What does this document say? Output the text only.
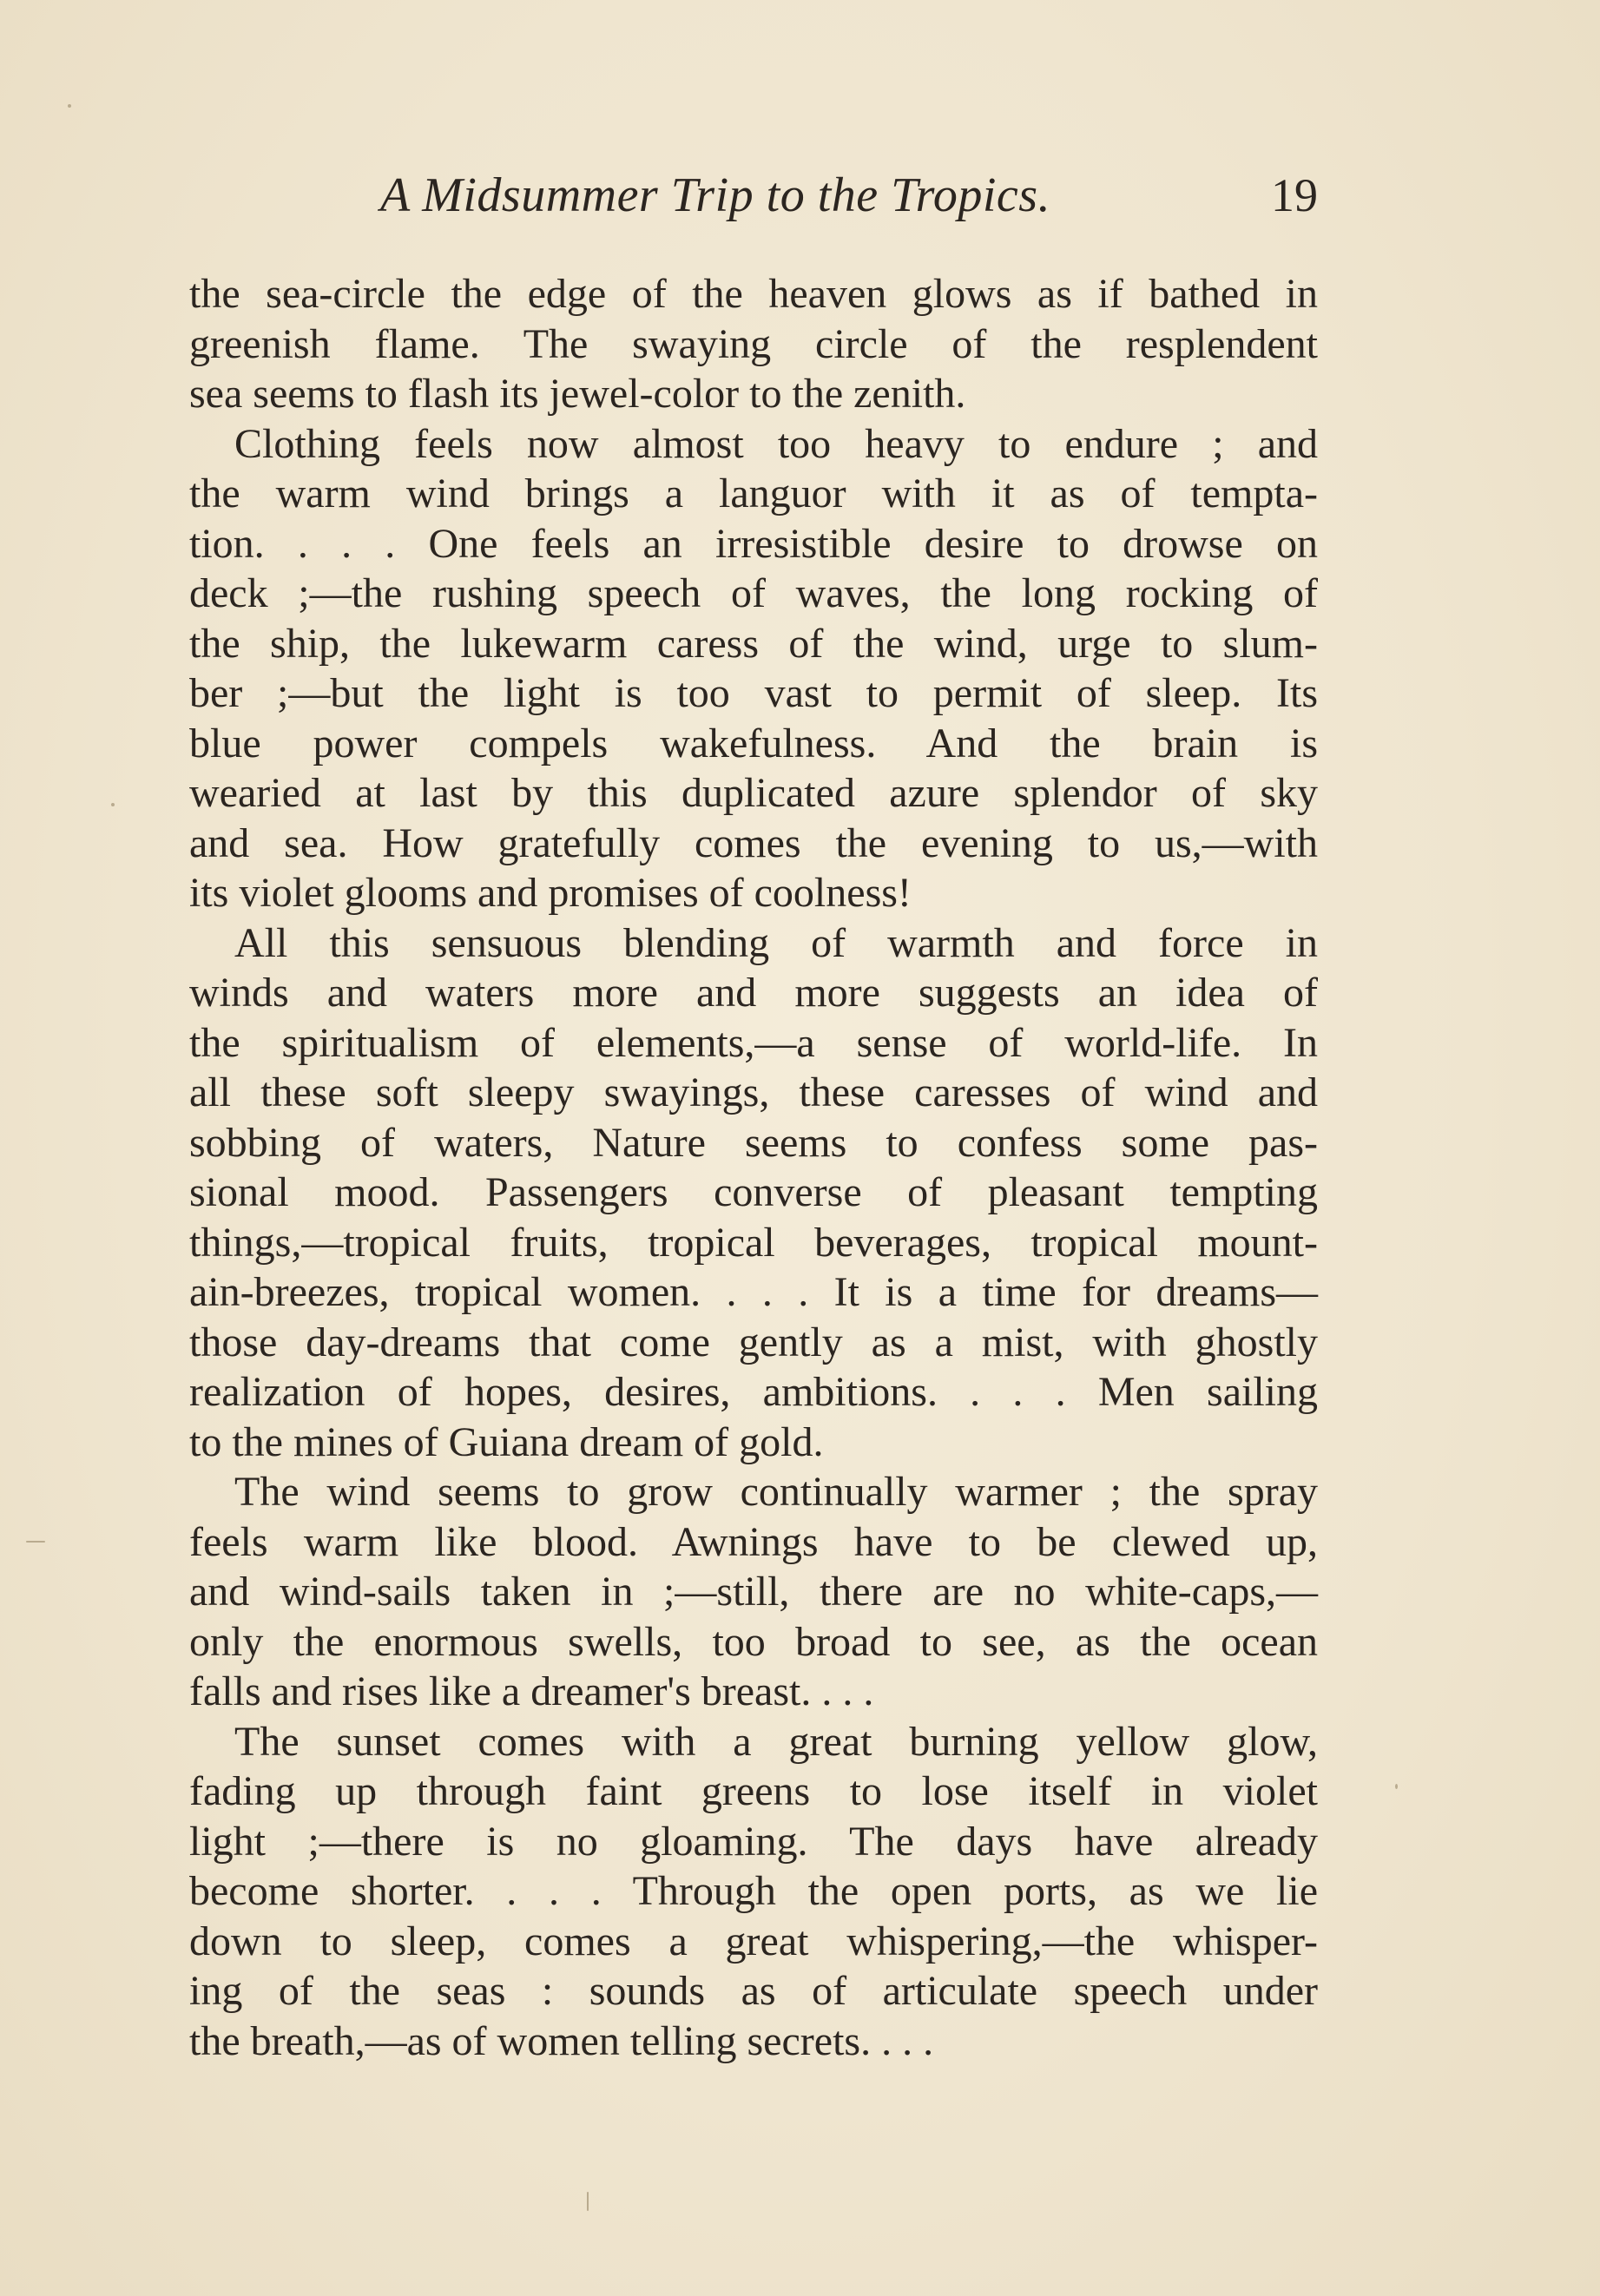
A Midsummer Trip to the Tropics.	19
the sea-circle the edge of the heaven glows as if bathed in
greenish flame. The swaying circle of the resplendent
sea seems to flash its jewel-color to the zenith.
Clothing feels now almost too heavy to endure ; and
the warm wind brings a languor with it as of tempta-
tion. . . . One feels an irresistible desire to drowse on
deck ;—the rushing speech of waves, the long rocking of
the ship, the lukewarm caress of the wind, urge to slum-
ber ;—but the light is too vast to permit of sleep. Its
blue power compels wakefulness. And the brain is
wearied at last by this duplicated azure splendor of sky
and sea. How gratefully comes the evening to us,—with
its violet glooms and promises of coolness!
All this sensuous blending of warmth and force in
winds and waters more and more suggests an idea of
the spiritualism of elements,—a sense of world-life. In
all these soft sleepy swayings, these caresses of wind and
sobbing of waters, Nature seems to confess some pas-
sional mood. Passengers converse of pleasant tempting
things,—tropical fruits, tropical beverages, tropical mount-
ain-breezes, tropical women. . . . It is a time for dreams—
those day-dreams that come gently as a mist, with ghostly
realization of hopes, desires, ambitions. . . . Men sailing
to the mines of Guiana dream of gold.
The wind seems to grow continually warmer ; the spray
feels warm like blood. Awnings have to be clewed up,
and wind-sails taken in ;—still, there are no white-caps,—
only the enormous swells, too broad to see, as the ocean
falls and rises like a dreamer's breast. . . .
The sunset comes with a great burning yellow glow,
fading up through faint greens to lose itself in violet
light ;—there is no gloaming. The days have already
become shorter. . . . Through the open ports, as we lie
down to sleep, comes a great whispering,—the whisper-
ing of the seas : sounds as of articulate speech under
the breath,—as of women telling secrets. . . .
